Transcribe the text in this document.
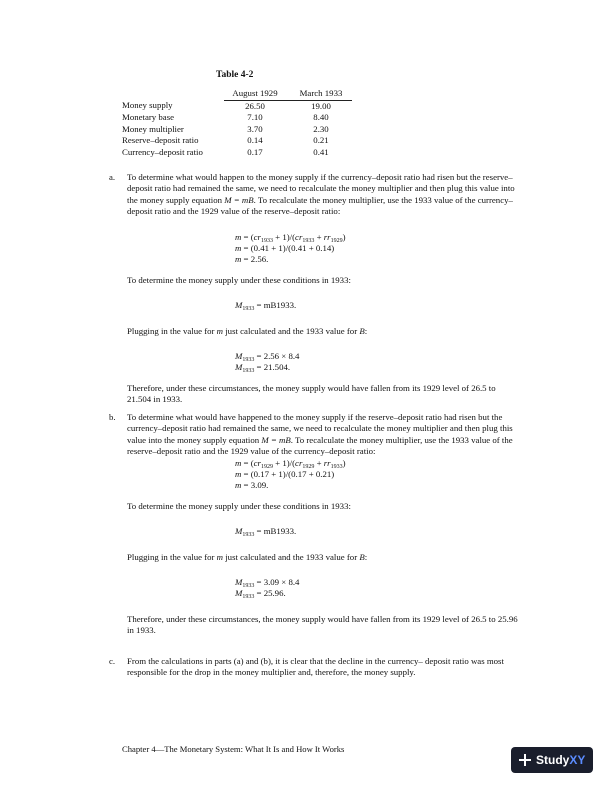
Table 4-2
	August 1929	March 1933
Money supply	26.50	19.00
Monetary base	7.10	8.40
Money multiplier	3.70	2.30
Reserve–deposit ratio	0.14	0.21
Currency–deposit ratio	0.17	0.41
a.	To determine what would happen to the money supply if the currency–deposit ratio had risen but the reserve–deposit ratio had remained the same, we need to recalculate the money multiplier and then plug this value into the money supply equation M = mB. To recalculate the money multiplier, use the 1933 value of the currency–deposit ratio and the 1929 value of the reserve–deposit ratio:

$m = (cr_{1933} + 1)/(cr_{1933} + rr_{1929})$
m = (0.41 + 1)/(0.41 + 0.14)
m = 2.56.

To determine the money supply under these conditions in 1933:

$M_{1933} = mB1933$.

Plugging in the value for m just calculated and the 1933 value for B:

$M_{1933} = 2.56 \times 8.4$
$M_{1933} = 21.504$.

Therefore, under these circumstances, the money supply would have fallen from its 1929 level of 26.5 to 21.504 in 1933.

b.	To determine what would have happened to the money supply if the reserve–deposit ratio had risen but the currency–deposit ratio had remained the same, we need to recalculate the money multiplier and then plug this value into the money supply equation M = mB. To recalculate the money multiplier, use the 1933 value of the reserve–deposit ratio and the 1929 value of the currency–deposit ratio:

$m = (cr_{1929} + 1)/(cr_{1929} + rr_{1933})$
m = (0.17 + 1)/(0.17 + 0.21)
m = 3.09.

To determine the money supply under these conditions in 1933:

$M_{1933} = mB1933$.

Plugging in the value for m just calculated and the 1933 value for B:

$M_{1933} = 3.09 \times 8.4$
$M_{1933} = 25.96$.

Therefore, under these circumstances, the money supply would have fallen from its 1929 level of 26.5 to 25.96 in 1933.

c.	From the calculations in parts (a) and (b), it is clear that the decline in the currency– deposit ratio was most responsible for the drop in the money multiplier and, therefore, the money supply.

Chapter 4—The Monetary System: What It Is and How It Works
Study XY
